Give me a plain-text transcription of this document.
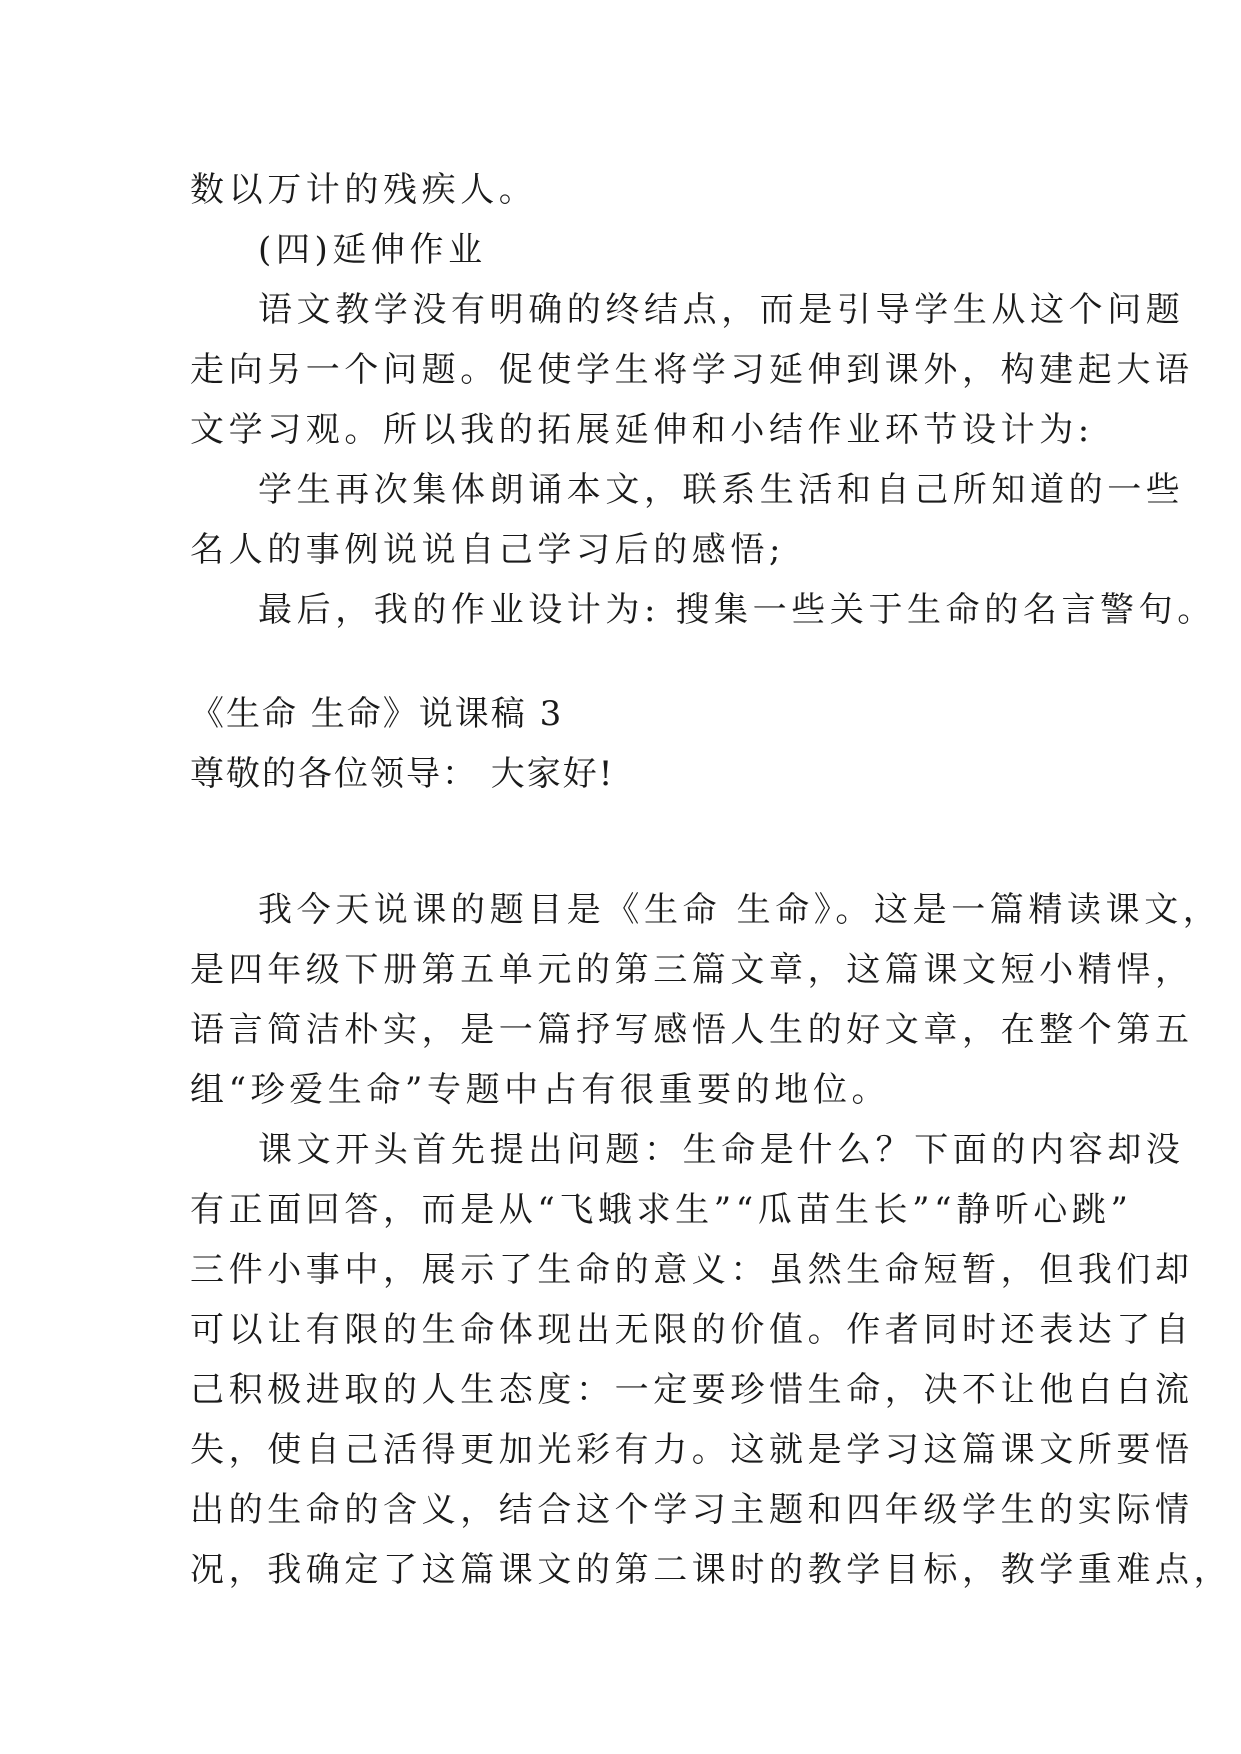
数以万计的残疾人。
(四)延伸作业
语文教学没有明确的终结点，而是引导学生从这个问题
走向另一个问题。促使学生将学习延伸到课外，构建起大语
文学习观。所以我的拓展延伸和小结作业环节设计为:
学生再次集体朗诵本文，联系生活和自己所知道的一些
名人的事例说说自己学习后的感悟;
最后，我的作业设计为: 搜集一些关于生命的名言警句。
《生命 生命》说课稿 3
尊敬的各位领导： 大家好!
我今天说课的题目是《生命 生命》。这是一篇精读课文，
是四年级下册第五单元的第三篇文章，这篇课文短小精悍，
语言简洁朴实，是一篇抒写感悟人生的好文章，在整个第五
组“珍爱生命”专题中占有很重要的地位。
课文开头首先提出问题：生命是什么？下面的内容却没
有正面回答，而是从“飞蛾求生”“瓜苗生长”“静听心跳”
三件小事中，展示了生命的意义：虽然生命短暂，但我们却
可以让有限的生命体现出无限的价值。作者同时还表达了自
己积极进取的人生态度：一定要珍惜生命，决不让他白白流
失，使自己活得更加光彩有力。这就是学习这篇课文所要悟
出的生命的含义，结合这个学习主题和四年级学生的实际情
况，我确定了这篇课文的第二课时的教学目标，教学重难点，
